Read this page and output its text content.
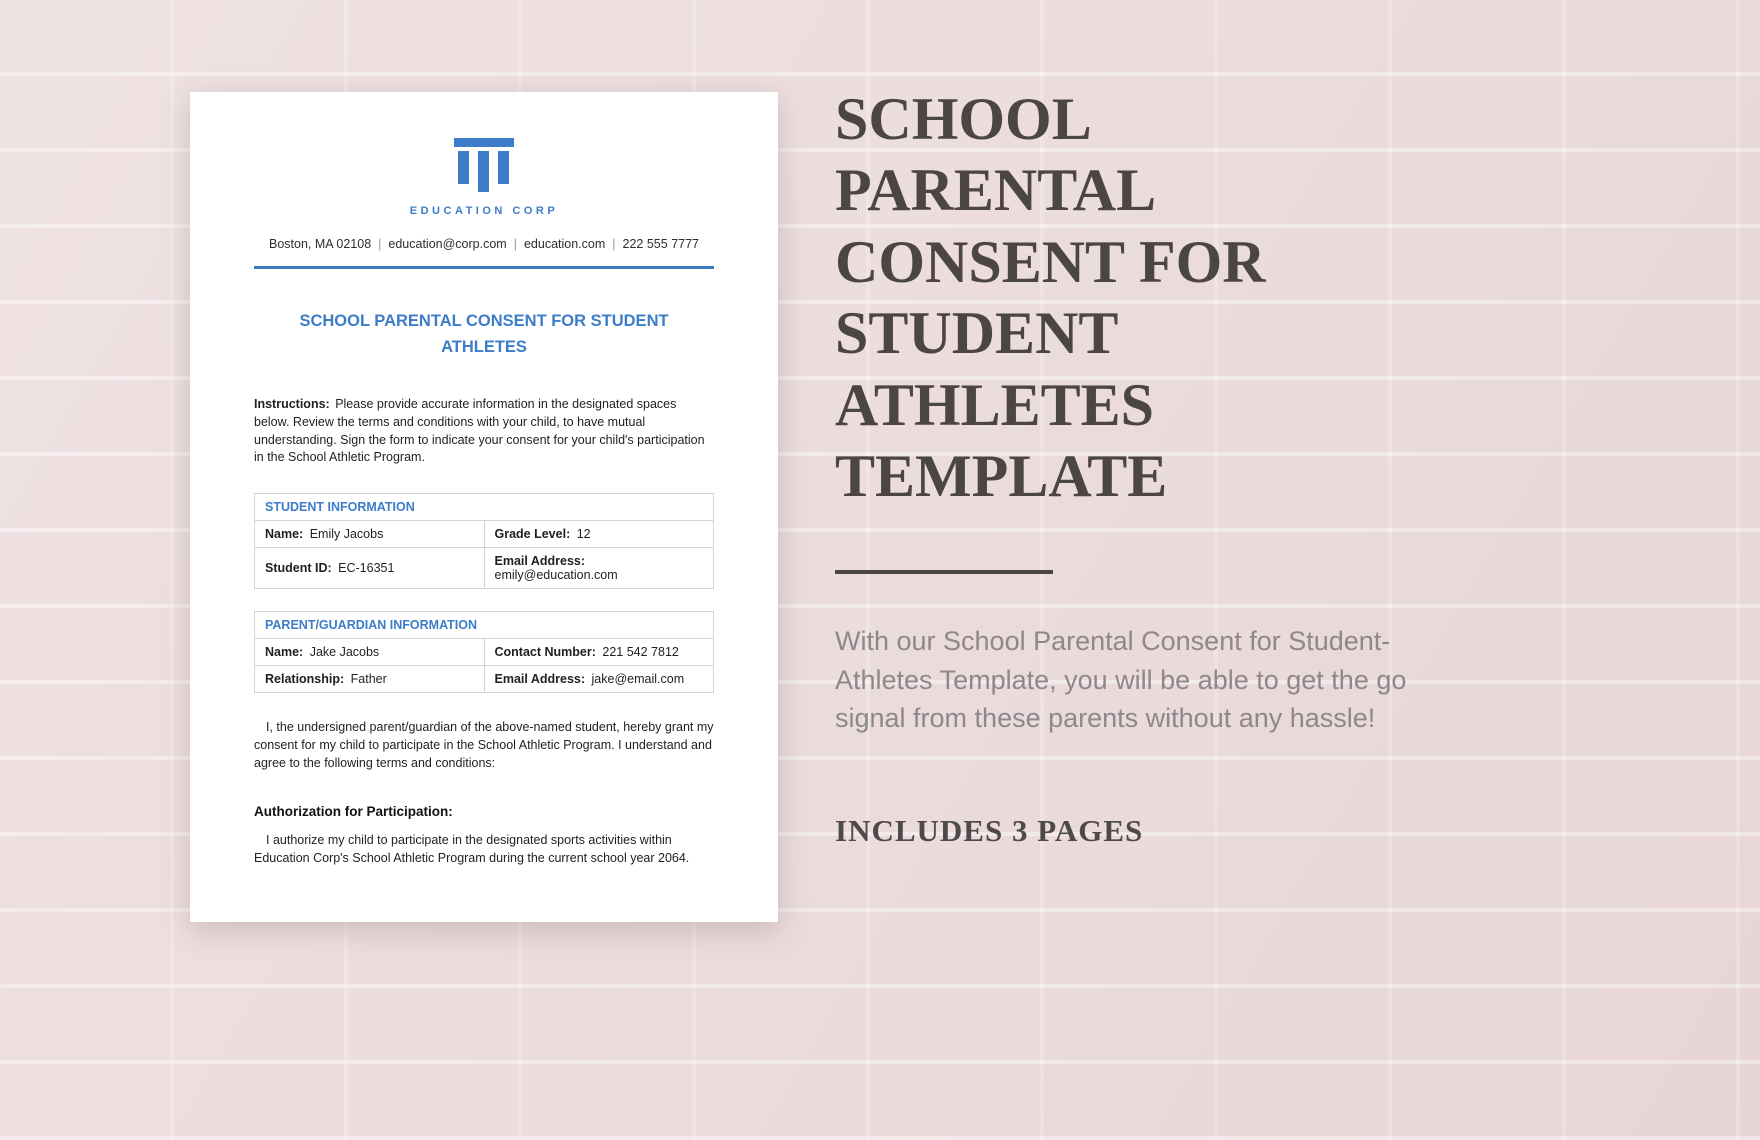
EDUCATION CORP
Boston, MA 02108 | education@corp.com | education.com | 222 555 7777
SCHOOL PARENTAL CONSENT FOR STUDENT ATHLETES

Instructions: Please provide accurate information in the designated spaces below. Review the terms and conditions with your child, to have mutual understanding. Sign the form to indicate your consent for your child's participation in the School Athletic Program.

STUDENT INFORMATION	
Name: Emily Jacobs	Grade Level: 12
Student ID: EC-16351	Email Address: emily@education.com
PARENT/GUARDIAN INFORMATION	
Name: Jake Jacobs	Contact Number: 221 542 7812
Relationship: Father	Email Address: jake@email.com

I, the undersigned parent/guardian of the above-named student, hereby grant my consent for my child to participate in the School Athletic Program. I understand and agree to the following terms and conditions:

Authorization for Participation:

I authorize my child to participate in the designated sports activities within Education Corp's School Athletic Program during the current school year 2064.

SCHOOL PARENTAL CONSENT FOR STUDENT ATHLETES TEMPLATE

With our School Parental Consent for Student-Athletes Template, you will be able to get the go signal from these parents without any hassle!

INCLUDES 3 PAGES
